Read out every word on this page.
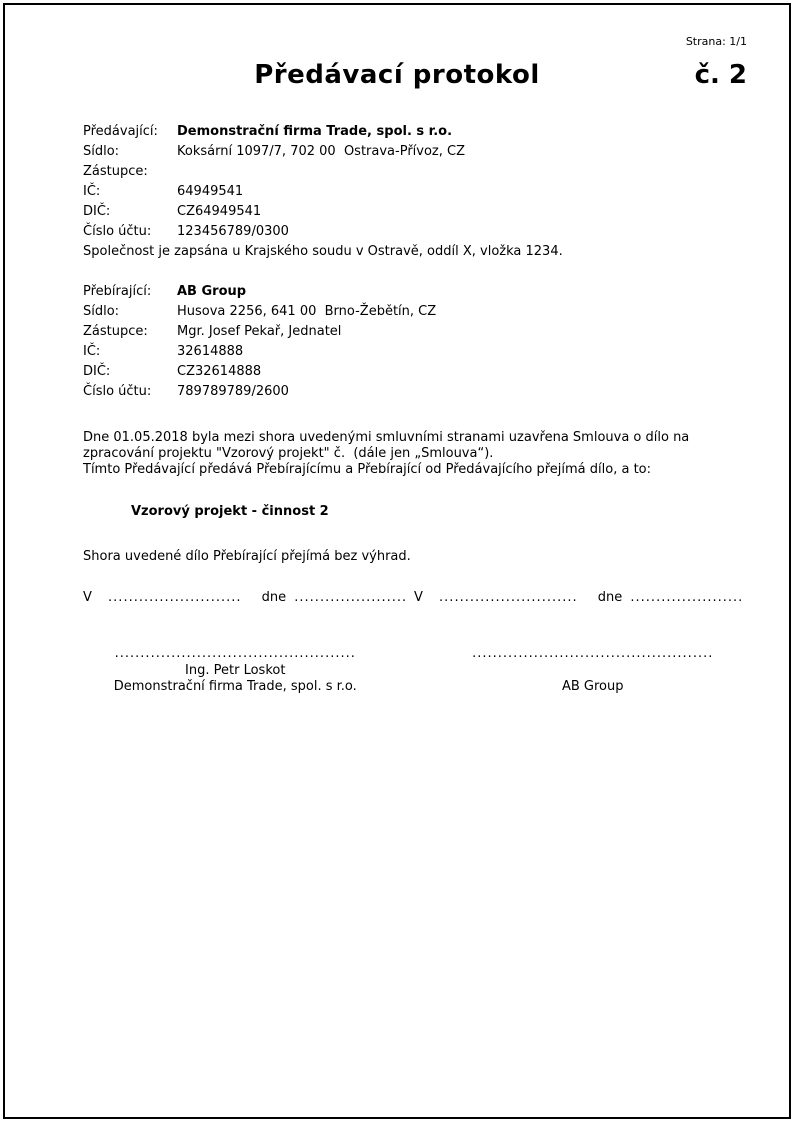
Strana: 1/1
Předávací protokol	č. 2
Předávající:	Demonstrační firma Trade, spol. s r.o.
Sídlo:	Koksární 1097/7, 702 00  Ostrava-Přívoz, CZ
Zástupce:
IČ:	64949541
DIČ:	CZ64949541
Číslo účtu:	123456789/0300
Společnost je zapsána u Krajského soudu v Ostravě, oddíl X, vložka 1234.
Přebírající:	AB Group
Sídlo:	Husova 2256, 641 00  Brno-Žebětín, CZ
Zástupce:	Mgr. Josef Pekař, Jednatel
IČ:	32614888
DIČ:	CZ32614888
Číslo účtu:	789789789/2600
Dne 01.05.2018 byla mezi shora uvedenými smluvními stranami uzavřena Smlouva o dílo na zpracování projektu "Vzorový projekt" č.  (dále jen „Smlouva“).
Tímto Předávající předává Přebírajícímu a Přebírající od Předávajícího přejímá dílo, a to:
Vzorový projekt - činnost 2
Shora uvedené dílo Přebírající přejímá bez výhrad.
V .......................... dne ...................... V ........................... dne ......................
...............................................
Ing. Petr Loskot
Demonstrační firma Trade, spol. s r.o.
...............................................
AB Group
